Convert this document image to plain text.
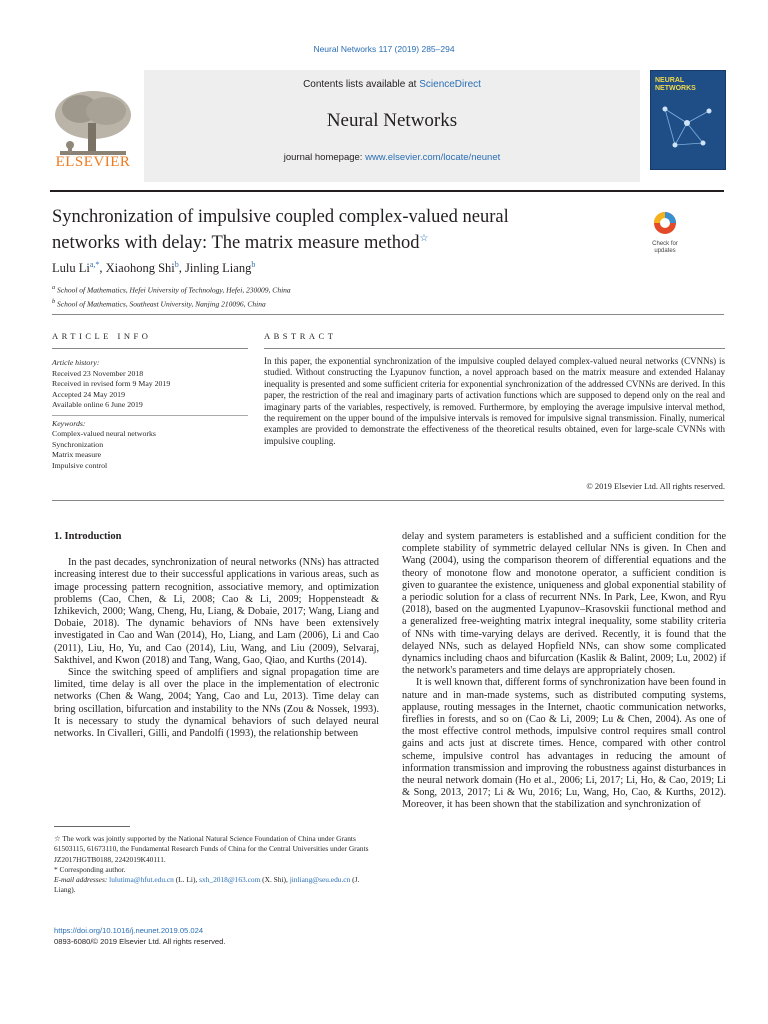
Neural Networks 117 (2019) 285–294
ELSEVIER
Contents lists available at ScienceDirect
Neural Networks
journal homepage: www.elsevier.com/locate/neunet
NEURAL NETWORKS
Synchronization of impulsive coupled complex-valued neural
networks with delay: The matrix measure method☆	Check for updates
Lulu $Li^{a,*}$, Xiaohong Shi$^b$, Jinling Liang$^b$
$^a$ School of Mathematics, Hefei University of Technology, Hefei, 230009, China
$^b$ School of Mathematics, Southeast University, Nanjing 210096, China
ARTICLE INFO	ABSTRACT
Article history:
Received 23 November 2018
Received in revised form 9 May 2019
Accepted 24 May 2019
Available online 6 June 2019
Keywords:
Complex-valued neural networks
Synchronization
Matrix measure
Impulsive control
In this paper, the exponential synchronization of the impulsive coupled delayed complex-valued neural networks (CVNNs) is studied. Without constructing the Lyapunov function, a novel approach based on the matrix measure and extended Halanay inequality is presented and some sufficient criteria for exponential synchronization of the addressed CVNNs are derived. In this paper, the restriction of the real and imaginary parts of activation functions which are supposed to depend only on the real and imaginary parts of the variables, respectively, is removed. Furthermore, by employing the average impulsive interval method, the requirement on the upper bound of the impulsive intervals is removed for impulsive signal transmission. Finally, numerical examples are provided to demonstrate the effectiveness of the theoretical results obtained, even for large-scale CVNNs with impulsive coupling.
© 2019 Elsevier Ltd. All rights reserved.
1. Introduction

In the past decades, synchronization of neural networks (NNs) has attracted increasing interest due to their successful applications in various areas, such as image processing pattern recognition, associative memory, and optimization problems (Cao, Chen, & Li, 2008; Cao & Li, 2009; Hoppensteadt & Izhikevich, 2000; Wang, Cheng, Hu, Liang, & Dobaie, 2017; Wang, Liang and Dobaie, 2018). The dynamic behaviors of NNs have been extensively investigated in Cao and Wan (2014), Ho, Liang, and Lam (2006), Li and Cao (2011), Liu, Ho, Yu, and Cao (2014), Liu, Wang, and Liu (2009), Selvaraj, Sakthivel, and Kwon (2018) and Tang, Wang, Gao, Qiao, and Kurths (2014).

Since the switching speed of amplifiers and signal propagation time are limited, time delay is all over the place in the implementation of electronic networks (Chen & Wang, 2004; Yang, Cao and Lu, 2013). Time delay can bring oscillation, bifurcation and instability to the NNs (Zou & Nossek, 1993). It is necessary to study the dynamical behaviors of such delayed neural networks. In Civalleri, Gilli, and Pandolfi (1993), the relationship between

delay and system parameters is established and a sufficient condition for the complete stability of symmetric delayed cellular NNs is given. In Chen and Wang (2004), using the comparison theorem of differential equations and the theory of monotone flow and monotone operator, a sufficient condition is given to guarantee the existence, uniqueness and global exponential stability of a periodic solution for a class of recurrent NNs. In Park, Lee, Kwon, and Ryu (2018), based on the augmented Lyapunov–Krasovskii functional method and a generalized free-weighting matrix integral inequality, some stability criteria of NNs with time-varying delays are derived. Recently, it is found that the delayed NNs, such as delayed Hopfield NNs, can show some complicated dynamics including chaos and bifurcation (Kaslik & Balint, 2009; Lu, 2002) if the network's parameters and time delays are appropriately chosen.

It is well known that, different forms of synchronization have been found in nature and in man-made systems, such as distributed computing systems, applause, routing messages in the Internet, chaotic communication networks, fireflies in forests, and so on (Cao & Li, 2009; Lu & Chen, 2004). As one of the most effective control methods, impulsive control requires small control gains and acts just at discrete times. Hence, compared with other control scheme, impulsive control has advantages in reducing the amount of information transmission and improving the robustness against disturbances in the neural network domain (Ho et al., 2006; Li, 2017; Li, Ho, & Cao, 2019; Li & Song, 2013, 2017; Li & Wu, 2016; Lu, Wang, Ho, Cao, & Kurths, 2012). Moreover, it has been shown that the stabilization and synchronization of

☆ The work was jointly supported by the National Natural Science Foundation of China under Grants 61503115, 61673110, the Fundamental Research Funds of China for the Central Universities under Grants JZ2017HGTB0188, 2242019K40111.
* Corresponding author.
E-mail addresses: lulutima@hfut.edu.cn (L. Li), sxh_2018@163.com (X. Shi), jinliang@seu.edu.cn (J. Liang).
https://doi.org/10.1016/j.neunet.2019.05.024
0893-6080/© 2019 Elsevier Ltd. All rights reserved.
